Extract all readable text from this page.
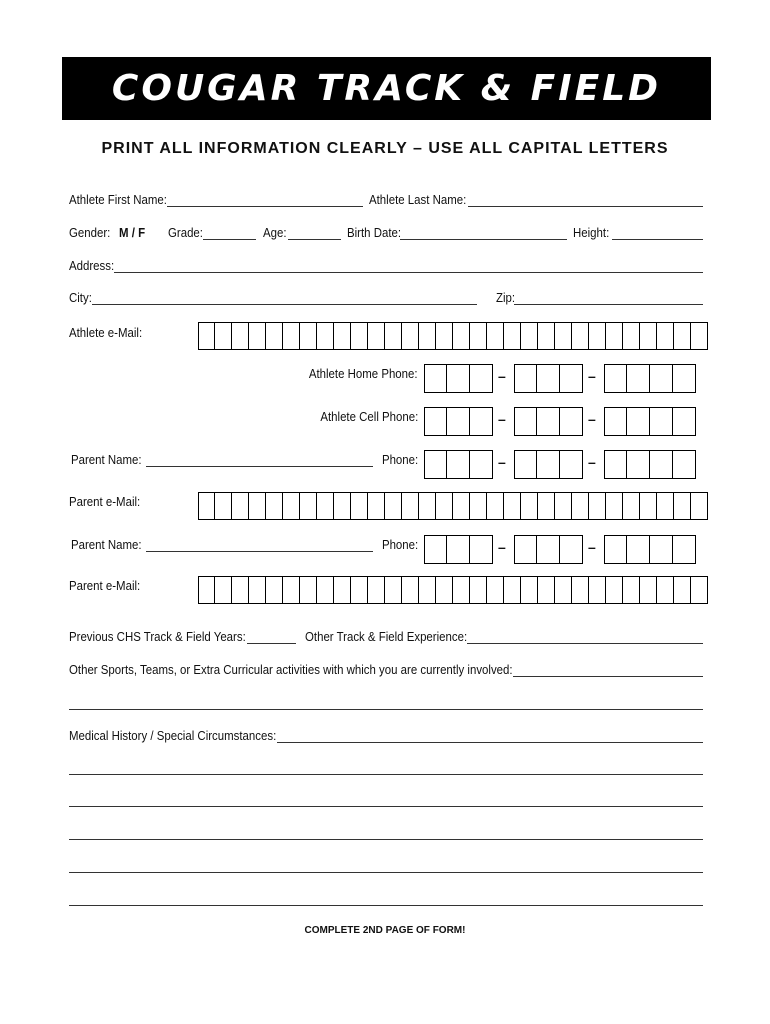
COUGAR TRACK & FIELD
PRINT ALL INFORMATION CLEARLY – USE ALL CAPITAL LETTERS
Athlete First Name:	Athlete Last Name:
Gender: M / F Grade:	Age:	Birth Date:	Height:
Address:
City:	Zip:
Athlete e-Mail:
Athlete Home Phone:	–	–
Athlete Cell Phone:	–	–
Parent Name:	Phone:	–	–
Parent e-Mail:
Parent Name:	Phone:	–	–
Parent e-Mail:
Previous CHS Track & Field Years:	Other Track & Field Experience:
Other Sports, Teams, or Extra Curricular activities with which you are currently involved:
Medical History / Special Circumstances:
COMPLETE 2ND PAGE OF FORM!
